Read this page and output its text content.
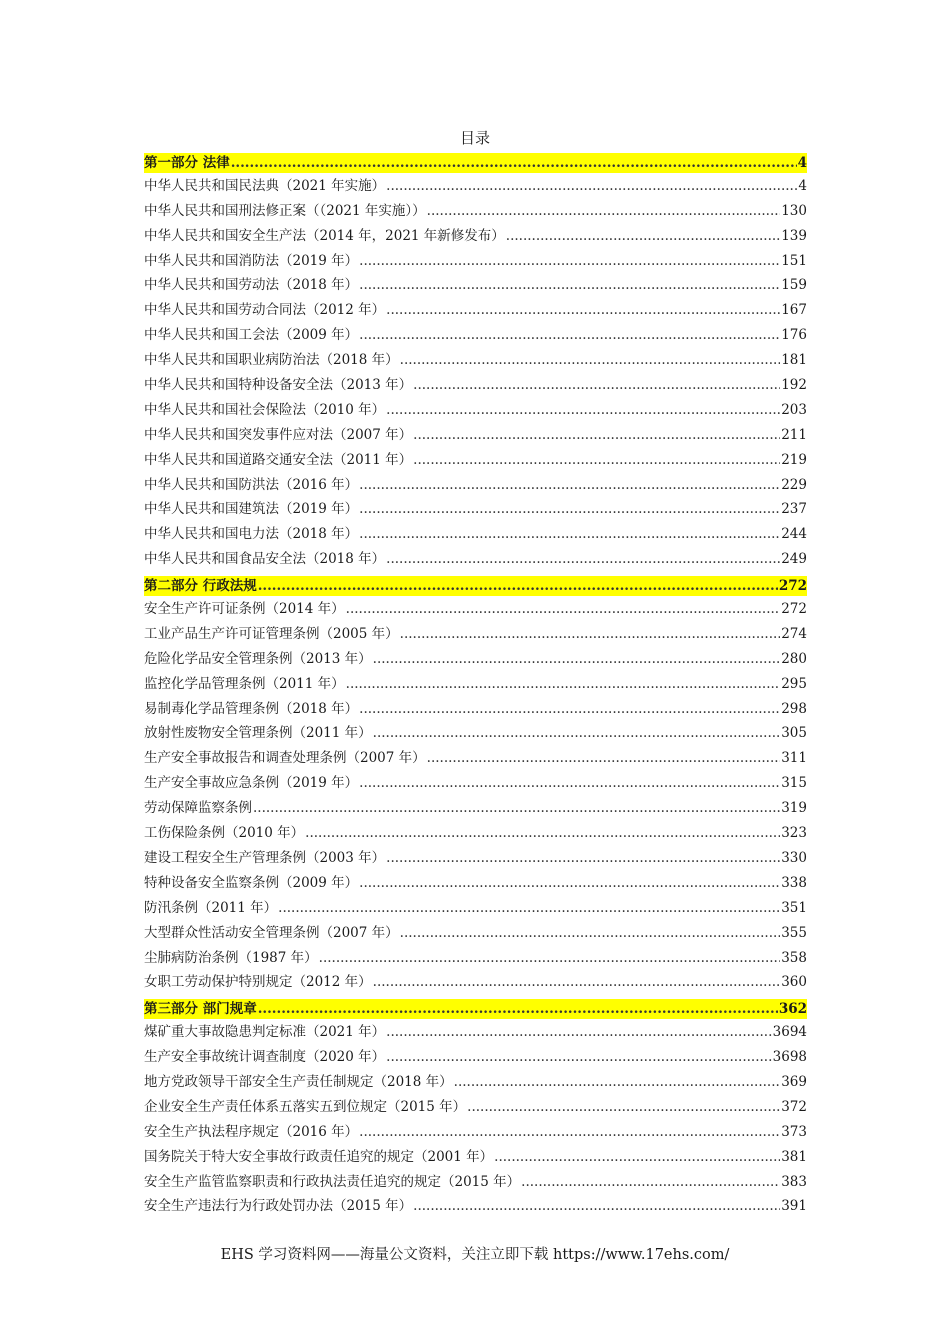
目录
第一部分 法律 .....	4
中华人民共和国民法典（2021 年实施） .....	4
中华人民共和国刑法修正案（（2021 年实施）） .....	130
中华人民共和国安全生产法（2014 年，2021 年新修发布） .....	139
中华人民共和国消防法（2019 年） .....	151
中华人民共和国劳动法（2018 年） .....	159
中华人民共和国劳动合同法（2012 年） .....	167
中华人民共和国工会法（2009 年） .....	176
中华人民共和国职业病防治法（2018 年） .....	181
中华人民共和国特种设备安全法（2013 年） .....	192
中华人民共和国社会保险法（2010 年） .....	203
中华人民共和国突发事件应对法（2007 年） .....	211
中华人民共和国道路交通安全法（2011 年） .....	219
中华人民共和国防洪法（2016 年） .....	229
中华人民共和国建筑法（2019 年） .....	237
中华人民共和国电力法（2018 年） .....	244
中华人民共和国食品安全法（2018 年） .....	249
第二部分 行政法规 .....	272
安全生产许可证条例（2014 年） .....	272
工业产品生产许可证管理条例（2005 年） .....	274
危险化学品安全管理条例（2013 年） .....	280
监控化学品管理条例（2011 年） .....	295
易制毒化学品管理条例（2018 年） .....	298
放射性废物安全管理条例（2011 年） .....	305
生产安全事故报告和调查处理条例（2007 年） .....	311
生产安全事故应急条例（2019 年） .....	315
劳动保障监察条例 .....	319
工伤保险条例（2010 年） .....	323
建设工程安全生产管理条例（2003 年） .....	330
特种设备安全监察条例（2009 年） .....	338
防汛条例（2011 年） .....	351
大型群众性活动安全管理条例（2007 年） .....	355
尘肺病防治条例（1987 年） .....	358
女职工劳动保护特别规定（2012 年） .....	360
第三部分 部门规章 .....	362
煤矿重大事故隐患判定标准（2021 年） .....	3694
生产安全事故统计调查制度（2020 年） .....	3698
地方党政领导干部安全生产责任制规定（2018 年） .....	369
企业安全生产责任体系五落实五到位规定（2015 年） .....	372
安全生产执法程序规定（2016 年） .....	373
国务院关于特大安全事故行政责任追究的规定（2001 年） .....	381
安全生产监管监察职责和行政执法责任追究的规定（2015 年） .....	383
安全生产违法行为行政处罚办法（2015 年） .....	391
EHS 学习资料网——海量公文资料，关注立即下载 https://www.17ehs.com/
